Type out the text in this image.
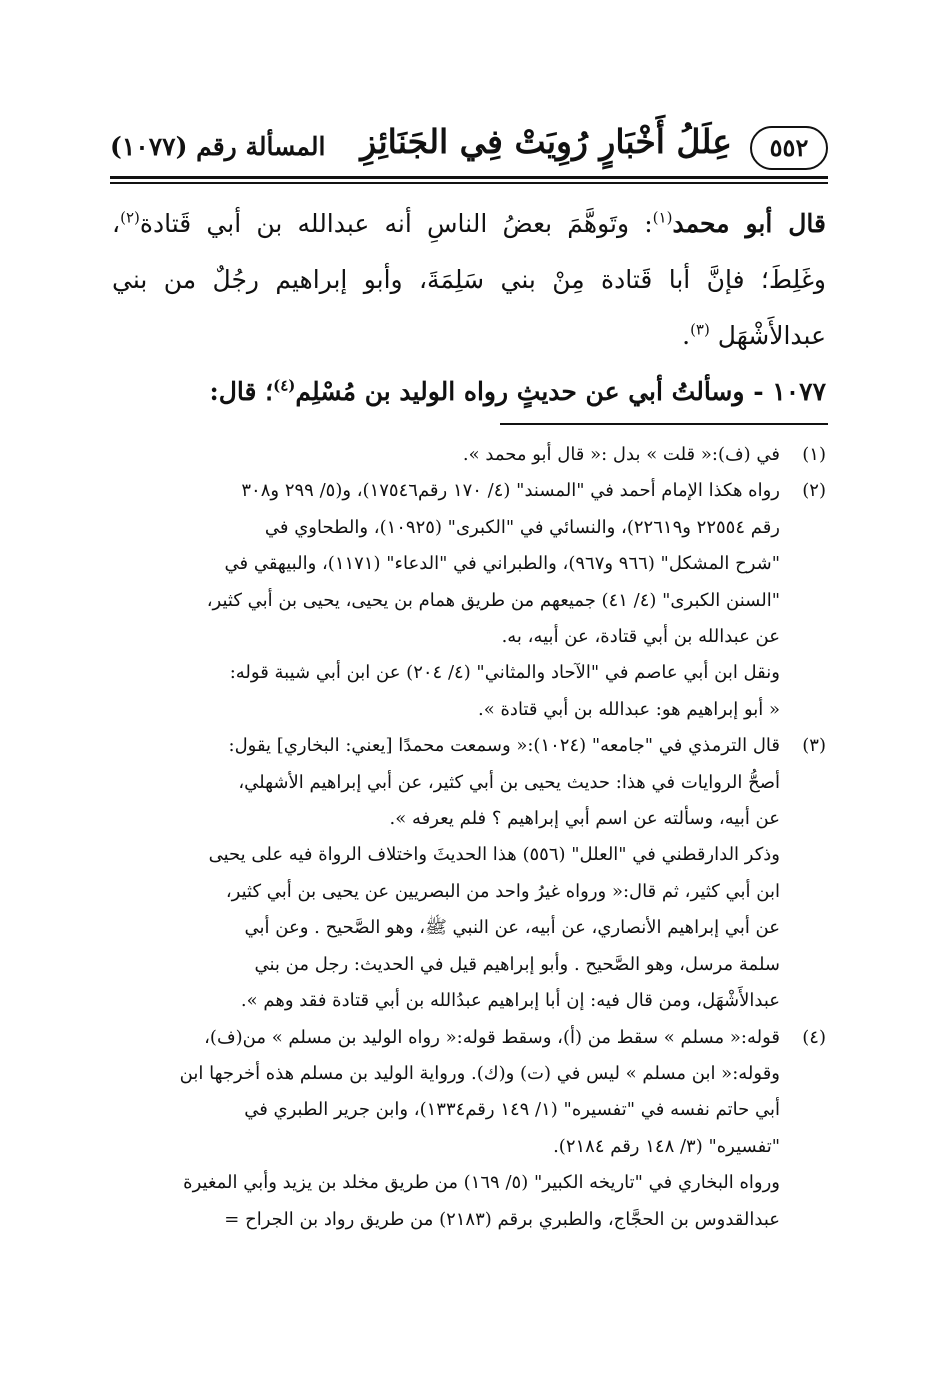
٥٥٢
عِلَلُ أَخْبَارٍ رُوِيَتْ فِي الجَنَائِزِ
المسألة رقم (١٠٧٧)

قال أبو محمد$^{(١)}$: وتَوهَّمَ بعضُ الناسِ أنه عبدالله بن أبي قَتادة$^{(٢)}$، وغَلِطَ؛ فإنَّ أبا قَتادة مِنْ بني سَلِمَةَ، وأبو إبراهيم رجُلٌ من بني عبدالأَشْهَل $^{(٣)}$.

١٠٧٧ - وسألتُ أبي عن حديثٍ رواه الوليد بن مُسْلِم$^{(٤)}$؛ قال:

(١)
في (ف):« قلت » بدل :« قال أبو محمد ».
(٢)
رواه هكذا الإمام أحمد في "المسند" (٤/ ١٧٠ رقم١٧٥٤٦)، و(٥/ ٢٩٩ و٣٠٨
رقم ٢٢٥٥٤ و٢٢٦١٩)، والنسائي في "الكبرى" (١٠٩٢٥)، والطحاوي في
"شرح المشكل" (٩٦٦ و٩٦٧)، والطبراني في "الدعاء" (١١٧١)، والبيهقي في
"السنن الكبرى" (٤/ ٤١) جميعهم من طريق همام بن يحيى، يحيى بن أبي كثير،
عن عبدالله بن أبي قتادة، عن أبيه، به.
ونقل ابن أبي عاصم في "الآحاد والمثاني" (٤/ ٢٠٤) عن ابن أبي شيبة قوله:
« أبو إبراهيم هو: عبدالله بن أبي قتادة ».
(٣)
قال الترمذي في "جامعه" (١٠٢٤):« وسمعت محمدًا [يعني: البخاري] يقول:
أصحُّ الروايات في هذا: حديث يحيى بن أبي كثير، عن أبي إبراهيم الأشهلي،
عن أبيه، وسألته عن اسم أبي إبراهيم ؟ فلم يعرفه ».
وذكر الدارقطني في "العلل" (٥٥٦) هذا الحديثَ واختلاف الرواة فيه على يحيى
ابن أبي كثير، ثم قال:« ورواه غيرُ واحد من البصريين عن يحيى بن أبي كثير،
عن أبي إبراهيم الأنصاري، عن أبيه، عن النبي ﷺ، وهو الصَّحيح . وعن أبي
سلمة مرسل، وهو الصَّحيح . وأبو إبراهيم قيل في الحديث: رجل من بني
عبدالأَشْهَل، ومن قال فيه: إن أبا إبراهيم عبدُالله بن أبي قتادة فقد وهم ».
(٤)
قوله:« مسلم » سقط من (أ)، وسقط قوله:« رواه الوليد بن مسلم » من(ف)،
وقوله:« ابن مسلم » ليس في (ت) و(ك). ورواية الوليد بن مسلم هذه أخرجها ابن
أبي حاتم نفسه في "تفسيره" (١/ ١٤٩ رقم١٣٣٤)، وابن جرير الطبري في
"تفسيره" (٣/ ١٤٨ رقم ٢١٨٤).
ورواه البخاري في "تاريخه الكبير" (٥/ ١٦٩) من طريق مخلد بن يزيد وأبي المغيرة
عبدالقدوس بن الحجَّاج، والطبري برقم (٢١٨٣) من طريق رواد بن الجراح =
